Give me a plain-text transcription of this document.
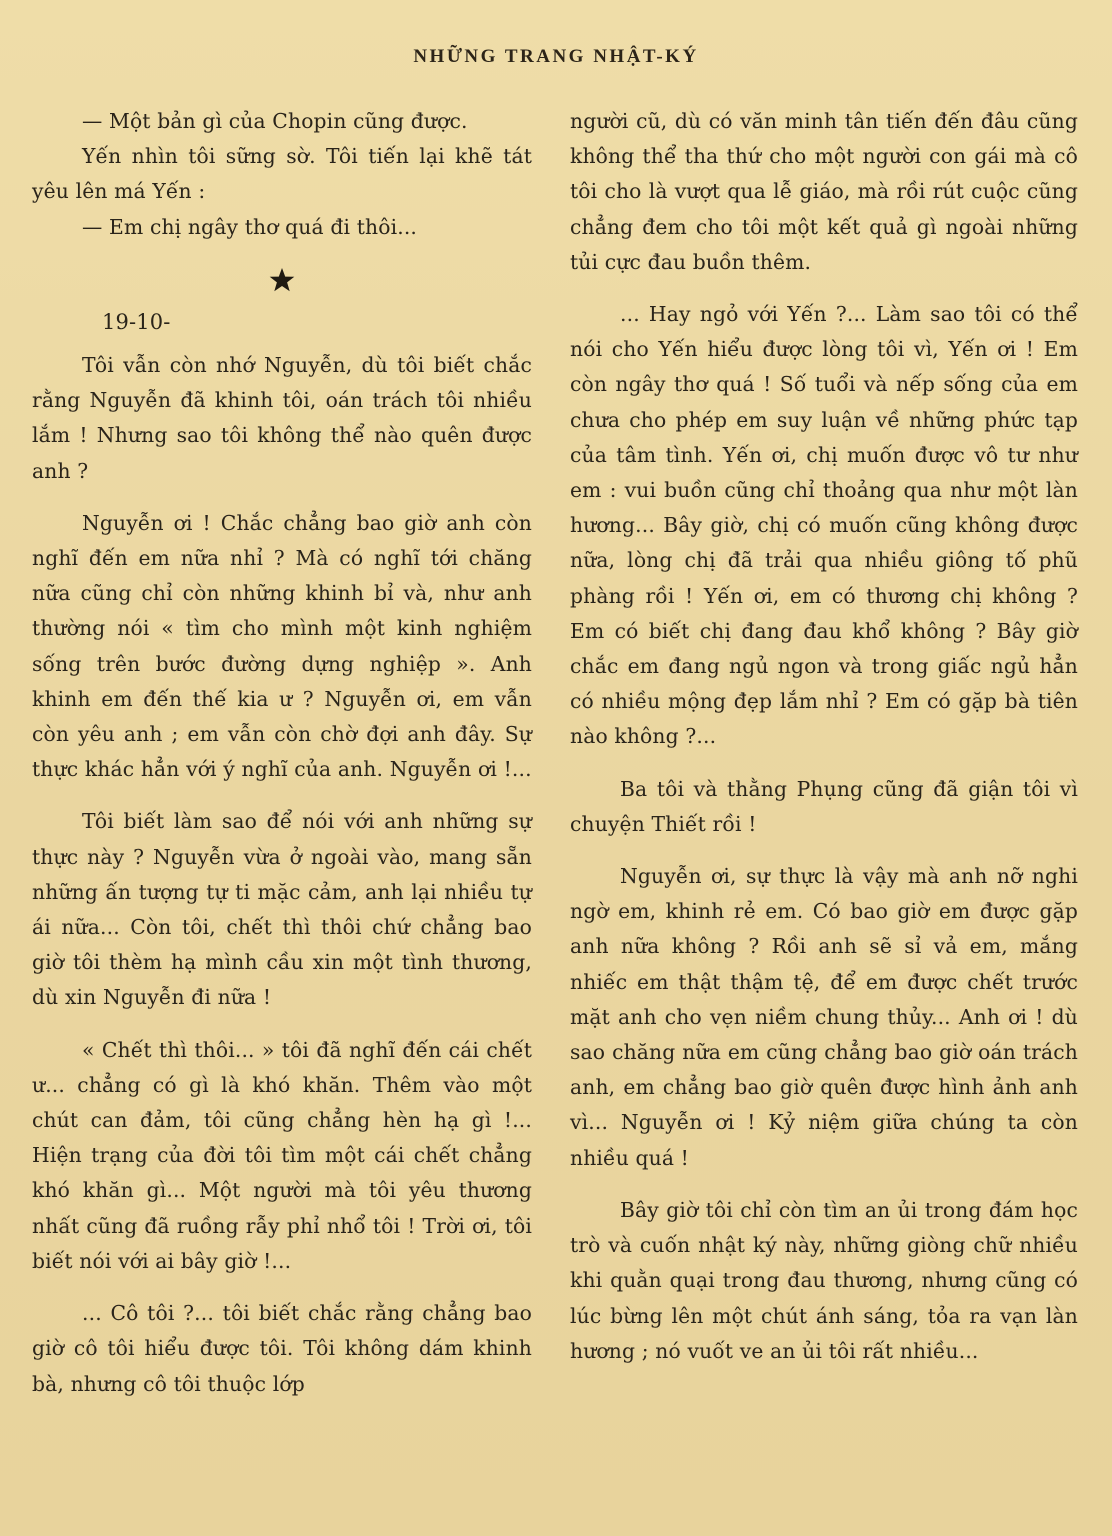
NHỮNG TRANG NHẬT-KÝ

— Một bản gì của Chopin cũng được.

Yến nhìn tôi sững sờ. Tôi tiến lại khẽ tát yêu lên má Yến :

— Em chị ngây thơ quá đi thôi...

19-10-

Tôi vẫn còn nhớ Nguyễn, dù tôi biết chắc rằng Nguyễn đã khinh tôi, oán trách tôi nhiều lắm ! Nhưng sao tôi không thể nào quên được anh ?

Nguyễn ơi ! Chắc chẳng bao giờ anh còn nghĩ đến em nữa nhỉ ? Mà có nghĩ tới chăng nữa cũng chỉ còn những khinh bỉ và, như anh thường nói « tìm cho mình một kinh nghiệm sống trên bước đường dựng nghiệp ». Anh khinh em đến thế kia ư ? Nguyễn ơi, em vẫn còn yêu anh ; em vẫn còn chờ đợi anh đây. Sự thực khác hẳn với ý nghĩ của anh. Nguyễn ơi !...

Tôi biết làm sao để nói với anh những sự thực này ? Nguyễn vừa ở ngoài vào, mang sẵn những ấn tượng tự ti mặc cảm, anh lại nhiều tự ái nữa... Còn tôi, chết thì thôi chứ chẳng bao giờ tôi thèm hạ mình cầu xin một tình thương, dù xin Nguyễn đi nữa !

« Chết thì thôi... » tôi đã nghĩ đến cái chết ư... chẳng có gì là khó khăn. Thêm vào một chút can đảm, tôi cũng chẳng hèn hạ gì !... Hiện trạng của đời tôi tìm một cái chết chẳng khó khăn gì... Một người mà tôi yêu thương nhất cũng đã ruồng rẫy phỉ nhổ tôi ! Trời ơi, tôi biết nói với ai bây giờ !...

... Cô tôi ?... tôi biết chắc rằng chẳng bao giờ cô tôi hiểu được tôi. Tôi không dám khinh bà, nhưng cô tôi thuộc lớp

người cũ, dù có văn minh tân tiến đến đâu cũng không thể tha thứ cho một người con gái mà cô tôi cho là vượt qua lễ giáo, mà rồi rút cuộc cũng chẳng đem cho tôi một kết quả gì ngoài những tủi cực đau buồn thêm.

... Hay ngỏ với Yến ?... Làm sao tôi có thể nói cho Yến hiểu được lòng tôi vì, Yến ơi ! Em còn ngây thơ quá ! Số tuổi và nếp sống của em chưa cho phép em suy luận về những phức tạp của tâm tình. Yến ơi, chị muốn được vô tư như em : vui buồn cũng chỉ thoảng qua như một làn hương... Bây giờ, chị có muốn cũng không được nữa, lòng chị đã trải qua nhiều giông tố phũ phàng rồi ! Yến ơi, em có thương chị không ? Em có biết chị đang đau khổ không ? Bây giờ chắc em đang ngủ ngon và trong giấc ngủ hẳn có nhiều mộng đẹp lắm nhỉ ? Em có gặp bà tiên nào không ?...

Ba tôi và thằng Phụng cũng đã giận tôi vì chuyện Thiết rồi !

Nguyễn ơi, sự thực là vậy mà anh nỡ nghi ngờ em, khinh rẻ em. Có bao giờ em được gặp anh nữa không ? Rồi anh sẽ sỉ vả em, mắng nhiếc em thật thậm tệ, để em được chết trước mặt anh cho vẹn niềm chung thủy... Anh ơi ! dù sao chăng nữa em cũng chẳng bao giờ oán trách anh, em chẳng bao giờ quên được hình ảnh anh vì... Nguyễn ơi ! Kỷ niệm giữa chúng ta còn nhiều quá !

Bây giờ tôi chỉ còn tìm an ủi trong đám học trò và cuốn nhật ký này, những giòng chữ nhiều khi quằn quại trong đau thương, nhưng cũng có lúc bừng lên một chút ánh sáng, tỏa ra vạn làn hương ; nó vuốt ve an ủi tôi rất nhiều...
